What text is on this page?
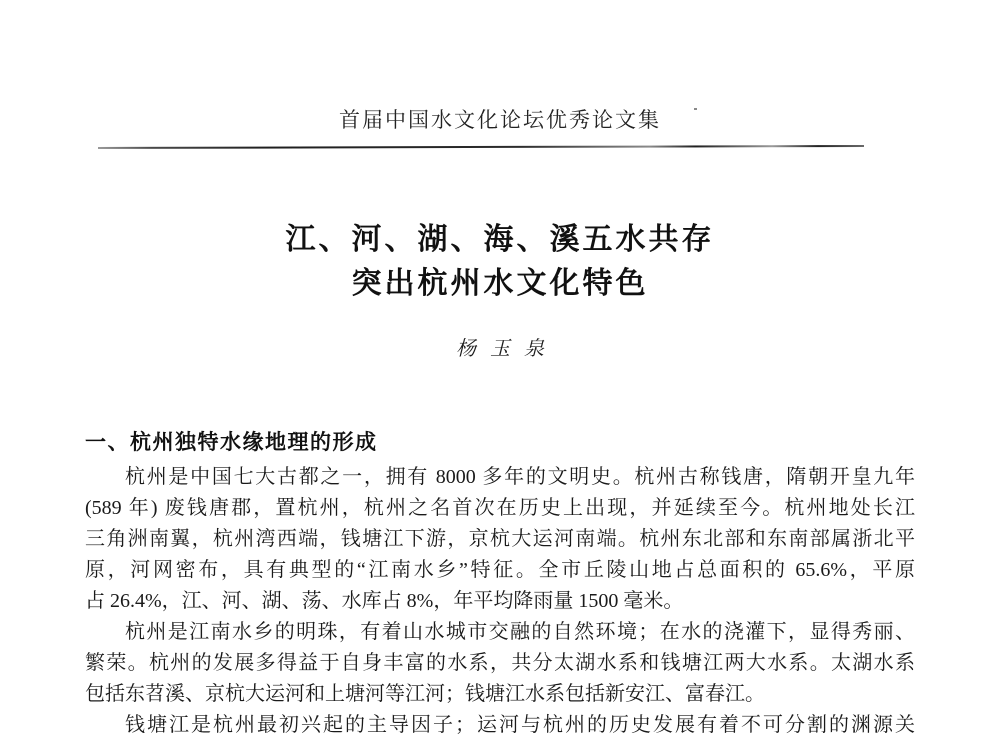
首届中国水文化论坛优秀论文集
江、河、湖、海、溪五水共存
突出杭州水文化特色
杨玉泉
一、杭州独特水缘地理的形成
杭州是中国七大古都之一，拥有 8000 多年的文明史。杭州古称钱唐，隋朝开皇九年
(589 年) 废钱唐郡，置杭州，杭州之名首次在历史上出现，并延续至今。杭州地处长江
三角洲南翼，杭州湾西端，钱塘江下游，京杭大运河南端。杭州东北部和东南部属浙北平
原，河网密布，具有典型的“江南水乡”特征。全市丘陵山地占总面积的 65.6%，平原
占 26.4%，江、河、湖、荡、水库占 8%，年平均降雨量 1500 毫米。
杭州是江南水乡的明珠，有着山水城市交融的自然环境；在水的浇灌下，显得秀丽、
繁荣。杭州的发展多得益于自身丰富的水系，共分太湖水系和钱塘江两大水系。太湖水系
包括东苕溪、京杭大运河和上塘河等江河；钱塘江水系包括新安江、富春江。
钱塘江是杭州最初兴起的主导因子；运河与杭州的历史发展有着不可分割的渊源关
